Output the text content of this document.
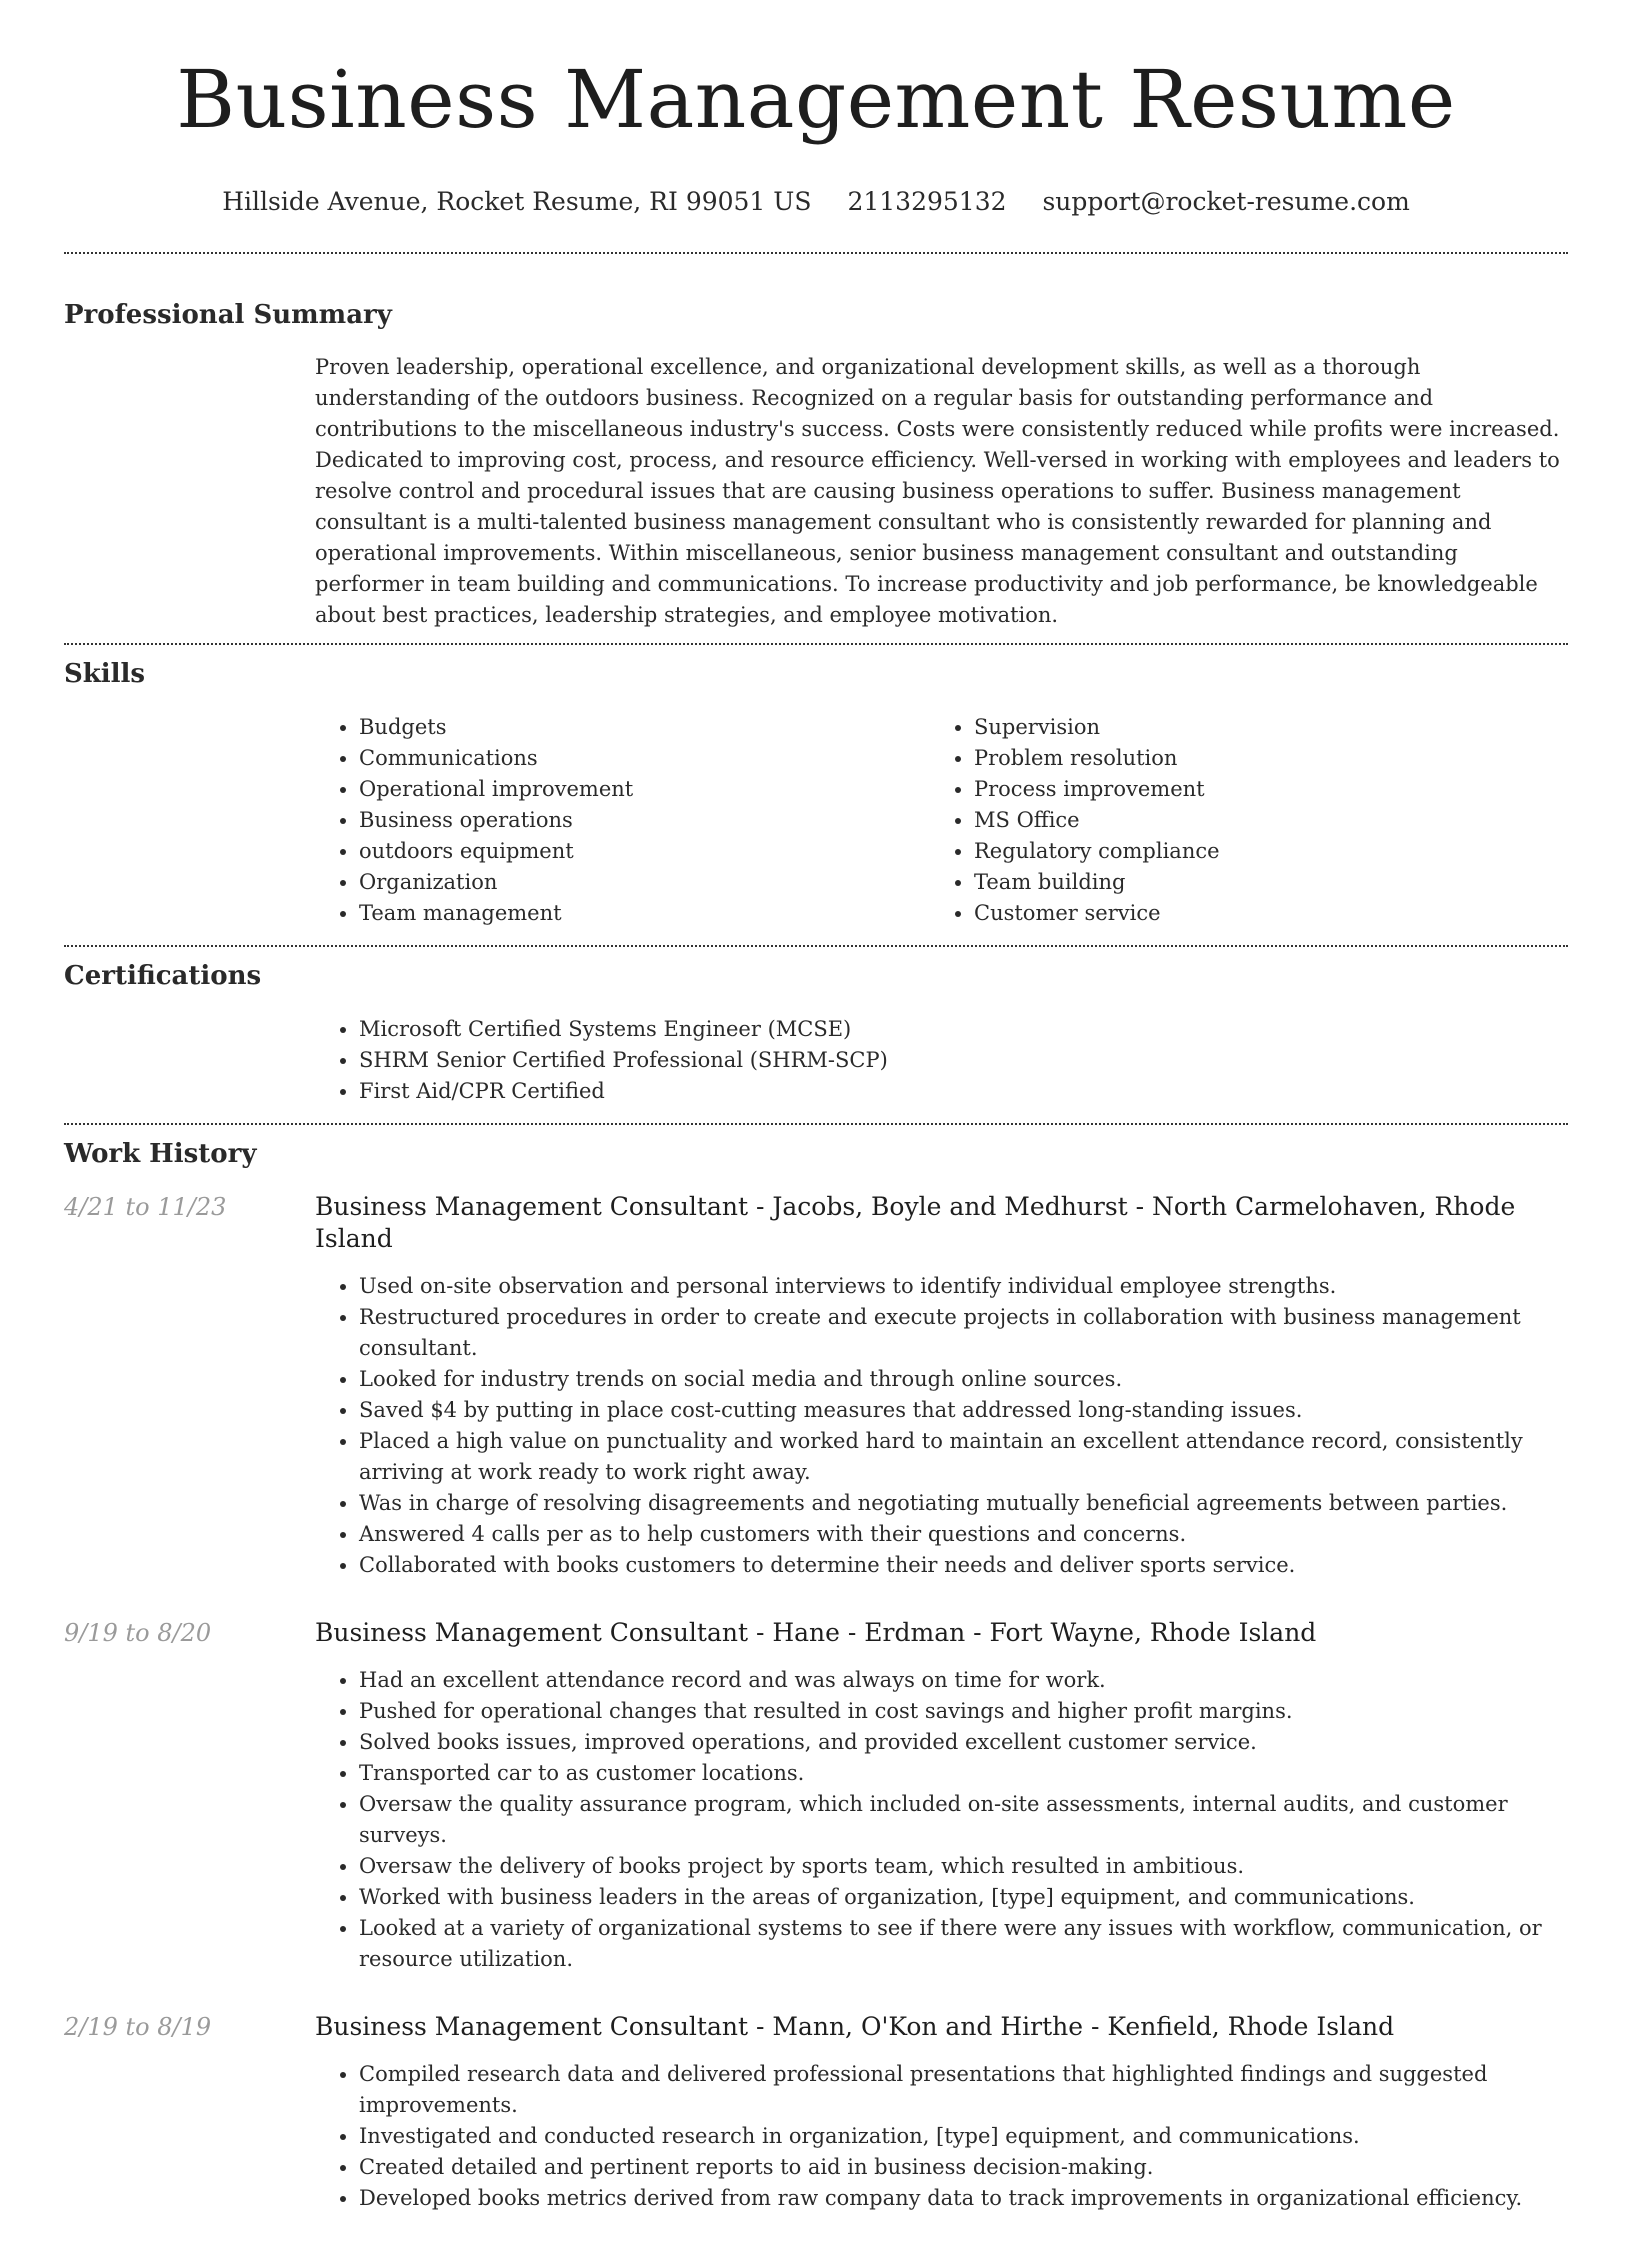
Business Management Resume
Hillside Avenue, Rocket Resume, RI 99051 US 2113295132 support@rocket-resume.com
Professional Summary
Proven leadership, operational excellence, and organizational development skills, as well as a thorough understanding of the outdoors business. Recognized on a regular basis for outstanding performance and contributions to the miscellaneous industry's success. Costs were consistently reduced while profits were increased. Dedicated to improving cost, process, and resource efficiency. Well-versed in working with employees and leaders to resolve control and procedural issues that are causing business operations to suffer. Business management consultant is a multi-talented business management consultant who is consistently rewarded for planning and operational improvements. Within miscellaneous, senior business management consultant and outstanding performer in team building and communications. To increase productivity and job performance, be knowledgeable about best practices, leadership strategies, and employee motivation.
Skills
• Budgets
• Communications
• Operational improvement
• Business operations
• outdoors equipment
• Organization
• Team management
• Supervision
• Problem resolution
• Process improvement
• MS Office
• Regulatory compliance
• Team building
• Customer service
Certifications
• Microsoft Certified Systems Engineer (MCSE)
• SHRM Senior Certified Professional (SHRM-SCP)
• First Aid/CPR Certified
Work History
4/21 to 11/23	Business Management Consultant - Jacobs, Boyle and Medhurst - North Carmelohaven, Rhode Island
• Used on-site observation and personal interviews to identify individual employee strengths.
• Restructured procedures in order to create and execute projects in collaboration with business management consultant.
• Looked for industry trends on social media and through online sources.
• Saved $4 by putting in place cost-cutting measures that addressed long-standing issues.
• Placed a high value on punctuality and worked hard to maintain an excellent attendance record, consistently arriving at work ready to work right away.
• Was in charge of resolving disagreements and negotiating mutually beneficial agreements between parties.
• Answered 4 calls per as to help customers with their questions and concerns.
• Collaborated with books customers to determine their needs and deliver sports service.
9/19 to 8/20	Business Management Consultant - Hane - Erdman - Fort Wayne, Rhode Island
• Had an excellent attendance record and was always on time for work.
• Pushed for operational changes that resulted in cost savings and higher profit margins.
• Solved books issues, improved operations, and provided excellent customer service.
• Transported car to as customer locations.
• Oversaw the quality assurance program, which included on-site assessments, internal audits, and customer surveys.
• Oversaw the delivery of books project by sports team, which resulted in ambitious.
• Worked with business leaders in the areas of organization, [type] equipment, and communications.
• Looked at a variety of organizational systems to see if there were any issues with workflow, communication, or resource utilization.
2/19 to 8/19	Business Management Consultant - Mann, O'Kon and Hirthe - Kenfield, Rhode Island
• Compiled research data and delivered professional presentations that highlighted findings and suggested improvements.
• Investigated and conducted research in organization, [type] equipment, and communications.
• Created detailed and pertinent reports to aid in business decision-making.
• Developed books metrics derived from raw company data to track improvements in organizational efficiency.
